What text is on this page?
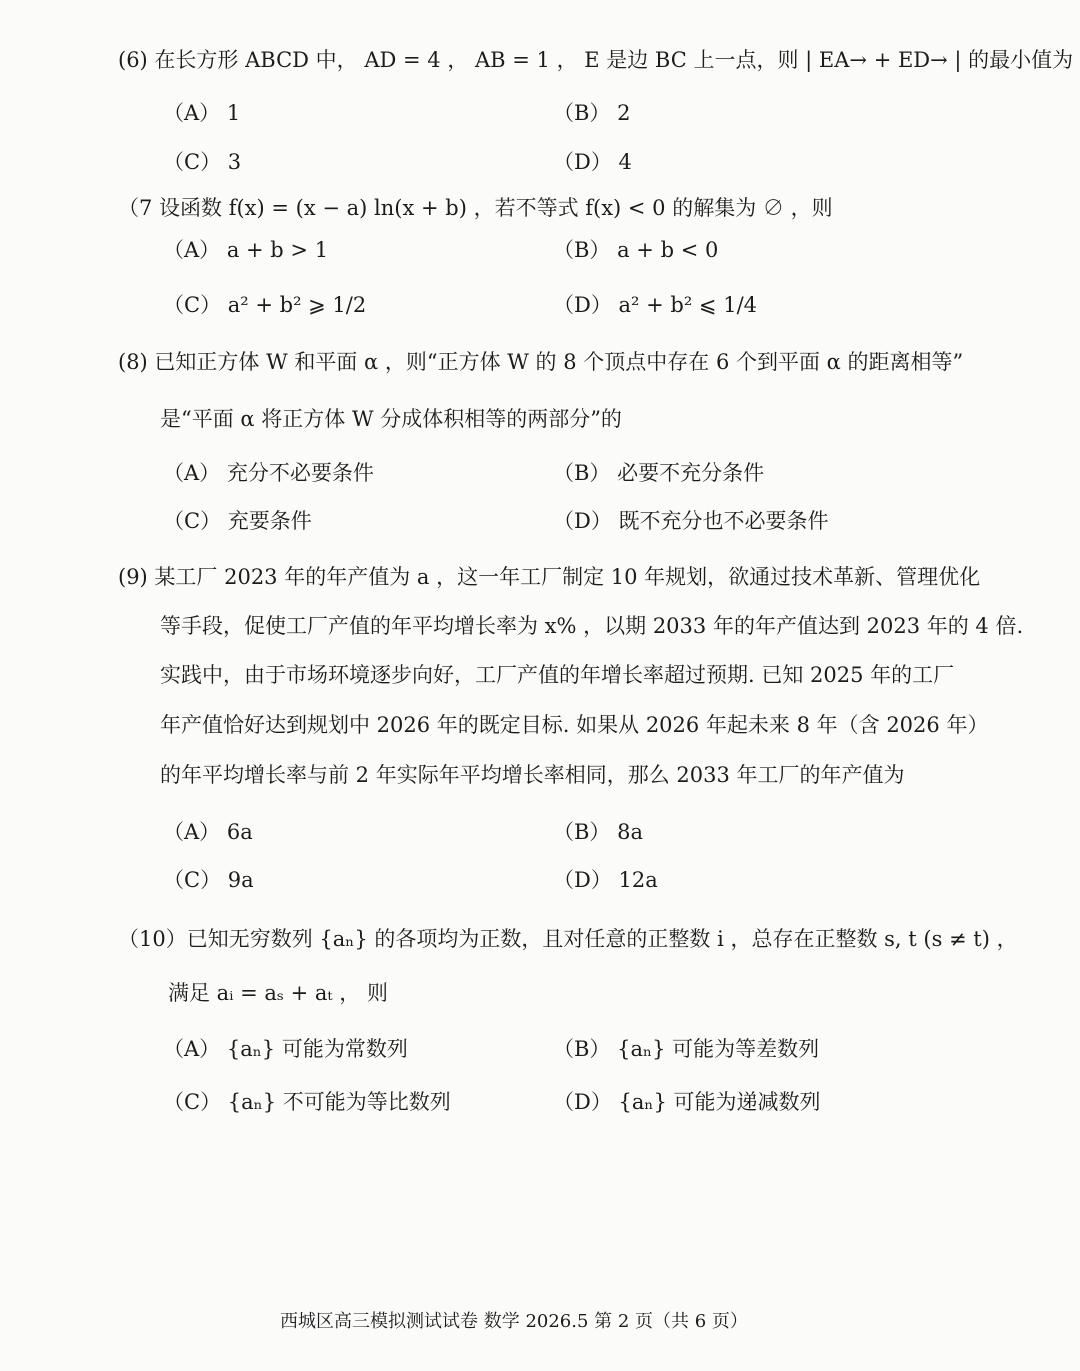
(6) 在长方形 ABCD 中， AD = 4 ， AB = 1 ， E 是边 BC 上一点，则 | EA→ + ED→ | 的最小值为
（A） 1	（B） 2
（C） 3	（D） 4
（7 设函数 f(x) = (x − a) ln(x + b) ，若不等式 f(x) < 0 的解集为 ∅ ，则
（A） a + b > 1	（B） a + b < 0
（C） a² + b² ⩾ 1/2	（D） a² + b² ⩽ 1/4
(8) 已知正方体 W 和平面 α ，则“正方体 W 的 8 个顶点中存在 6 个到平面 α 的距离相等”
是“平面 α 将正方体 W 分成体积相等的两部分”的
（A） 充分不必要条件	（B） 必要不充分条件
（C） 充要条件	（D） 既不充分也不必要条件
(9) 某工厂 2023 年的年产值为 a ，这一年工厂制定 10 年规划，欲通过技术革新、管理优化
等手段，促使工厂产值的年平均增长率为 x% ，以期 2033 年的年产值达到 2023 年的 4 倍.
实践中，由于市场环境逐步向好，工厂产值的年增长率超过预期. 已知 2025 年的工厂
年产值恰好达到规划中 2026 年的既定目标. 如果从 2026 年起未来 8 年（含 2026 年）
的年平均增长率与前 2 年实际年平均增长率相同，那么 2033 年工厂的年产值为
（A） 6a	（B） 8a
（C） 9a	（D） 12a
（10）已知无穷数列 {aₙ} 的各项均为正数，且对任意的正整数 i ，总存在正整数 s, t (s ≠ t) ，
满足 aᵢ = aₛ + aₜ ， 则
（A） {aₙ} 可能为常数列	（B） {aₙ} 可能为等差数列
（C） {aₙ} 不可能为等比数列	（D） {aₙ} 可能为递减数列
西城区高三模拟测试试卷 数学 2026.5 第 2 页（共 6 页）
